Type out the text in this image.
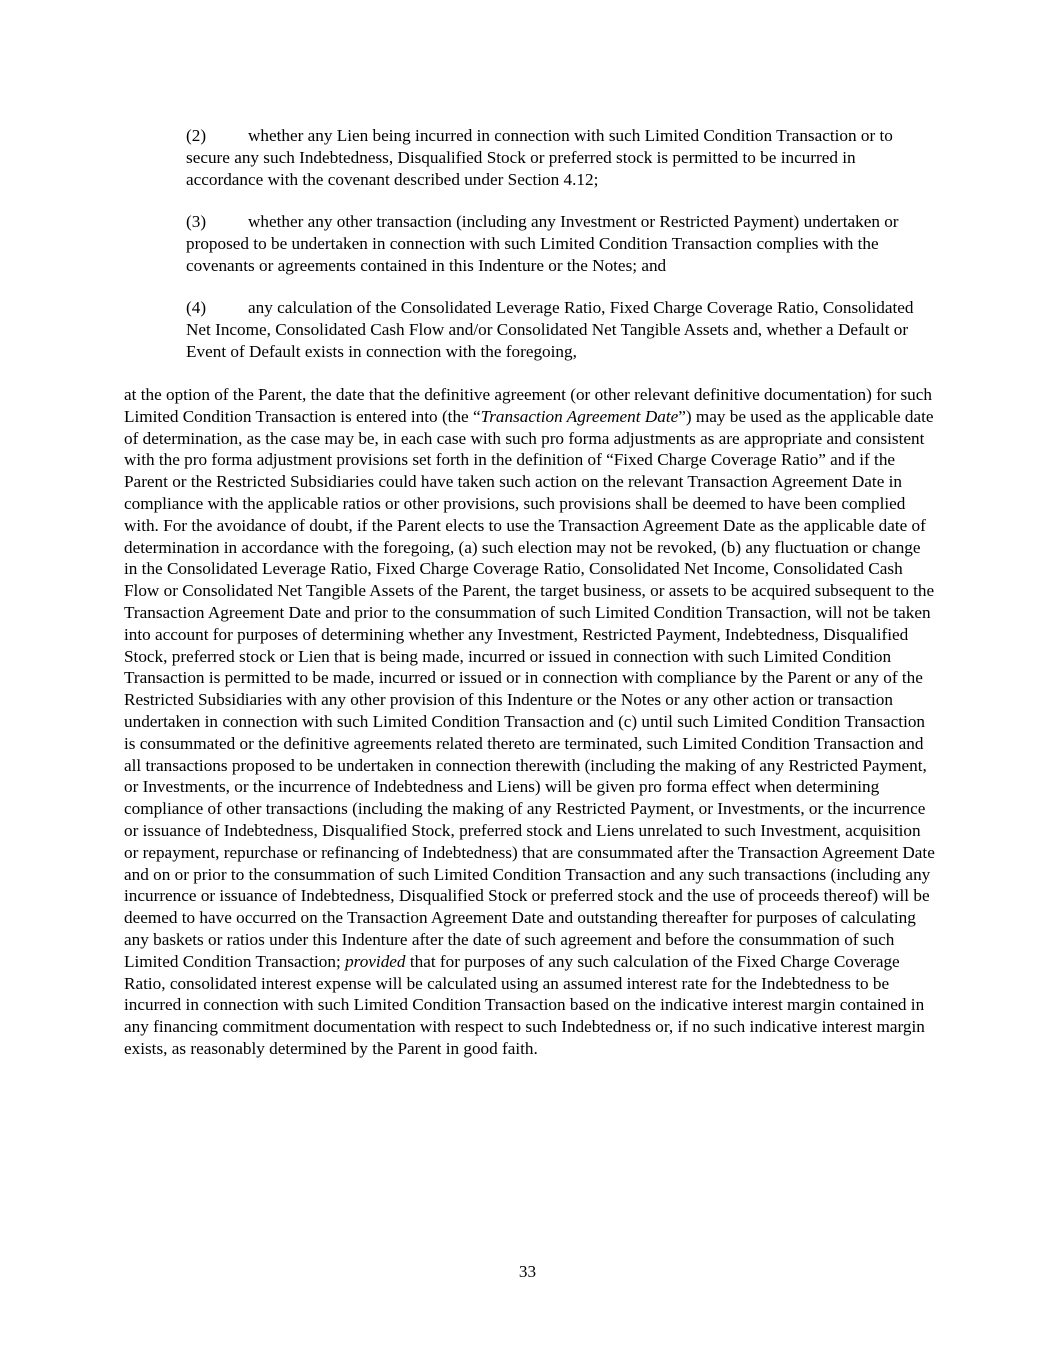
(2) whether any Lien being incurred in connection with such Limited Condition Transaction or to secure any such Indebtedness, Disqualified Stock or preferred stock is permitted to be incurred in accordance with the covenant described under Section 4.12;

(3) whether any other transaction (including any Investment or Restricted Payment) undertaken or proposed to be undertaken in connection with such Limited Condition Transaction complies with the covenants or agreements contained in this Indenture or the Notes; and

(4) any calculation of the Consolidated Leverage Ratio, Fixed Charge Coverage Ratio, Consolidated Net Income, Consolidated Cash Flow and/or Consolidated Net Tangible Assets and, whether a Default or Event of Default exists in connection with the foregoing,

at the option of the Parent, the date that the definitive agreement (or other relevant definitive documentation) for such Limited Condition Transaction is entered into (the “Transaction Agreement Date”) may be used as the applicable date of determination, as the case may be, in each case with such pro forma adjustments as are appropriate and consistent with the pro forma adjustment provisions set forth in the definition of “Fixed Charge Coverage Ratio” and if the Parent or the Restricted Subsidiaries could have taken such action on the relevant Transaction Agreement Date in compliance with the applicable ratios or other provisions, such provisions shall be deemed to have been complied with. For the avoidance of doubt, if the Parent elects to use the Transaction Agreement Date as the applicable date of determination in accordance with the foregoing, (a) such election may not be revoked, (b) any fluctuation or change in the Consolidated Leverage Ratio, Fixed Charge Coverage Ratio, Consolidated Net Income, Consolidated Cash Flow or Consolidated Net Tangible Assets of the Parent, the target business, or assets to be acquired subsequent to the Transaction Agreement Date and prior to the consummation of such Limited Condition Transaction, will not be taken into account for purposes of determining whether any Investment, Restricted Payment, Indebtedness, Disqualified Stock, preferred stock or Lien that is being made, incurred or issued in connection with such Limited Condition Transaction is permitted to be made, incurred or issued or in connection with compliance by the Parent or any of the Restricted Subsidiaries with any other provision of this Indenture or the Notes or any other action or transaction undertaken in connection with such Limited Condition Transaction and (c) until such Limited Condition Transaction is consummated or the definitive agreements related thereto are terminated, such Limited Condition Transaction and all transactions proposed to be undertaken in connection therewith (including the making of any Restricted Payment, or Investments, or the incurrence of Indebtedness and Liens) will be given pro forma effect when determining compliance of other transactions (including the making of any Restricted Payment, or Investments, or the incurrence or issuance of Indebtedness, Disqualified Stock, preferred stock and Liens unrelated to such Investment, acquisition or repayment, repurchase or refinancing of Indebtedness) that are consummated after the Transaction Agreement Date and on or prior to the consummation of such Limited Condition Transaction and any such transactions (including any incurrence or issuance of Indebtedness, Disqualified Stock or preferred stock and the use of proceeds thereof) will be deemed to have occurred on the Transaction Agreement Date and outstanding thereafter for purposes of calculating any baskets or ratios under this Indenture after the date of such agreement and before the consummation of such Limited Condition Transaction; provided that for purposes of any such calculation of the Fixed Charge Coverage Ratio, consolidated interest expense will be calculated using an assumed interest rate for the Indebtedness to be incurred in connection with such Limited Condition Transaction based on the indicative interest margin contained in any financing commitment documentation with respect to such Indebtedness or, if no such indicative interest margin exists, as reasonably determined by the Parent in good faith.

33
